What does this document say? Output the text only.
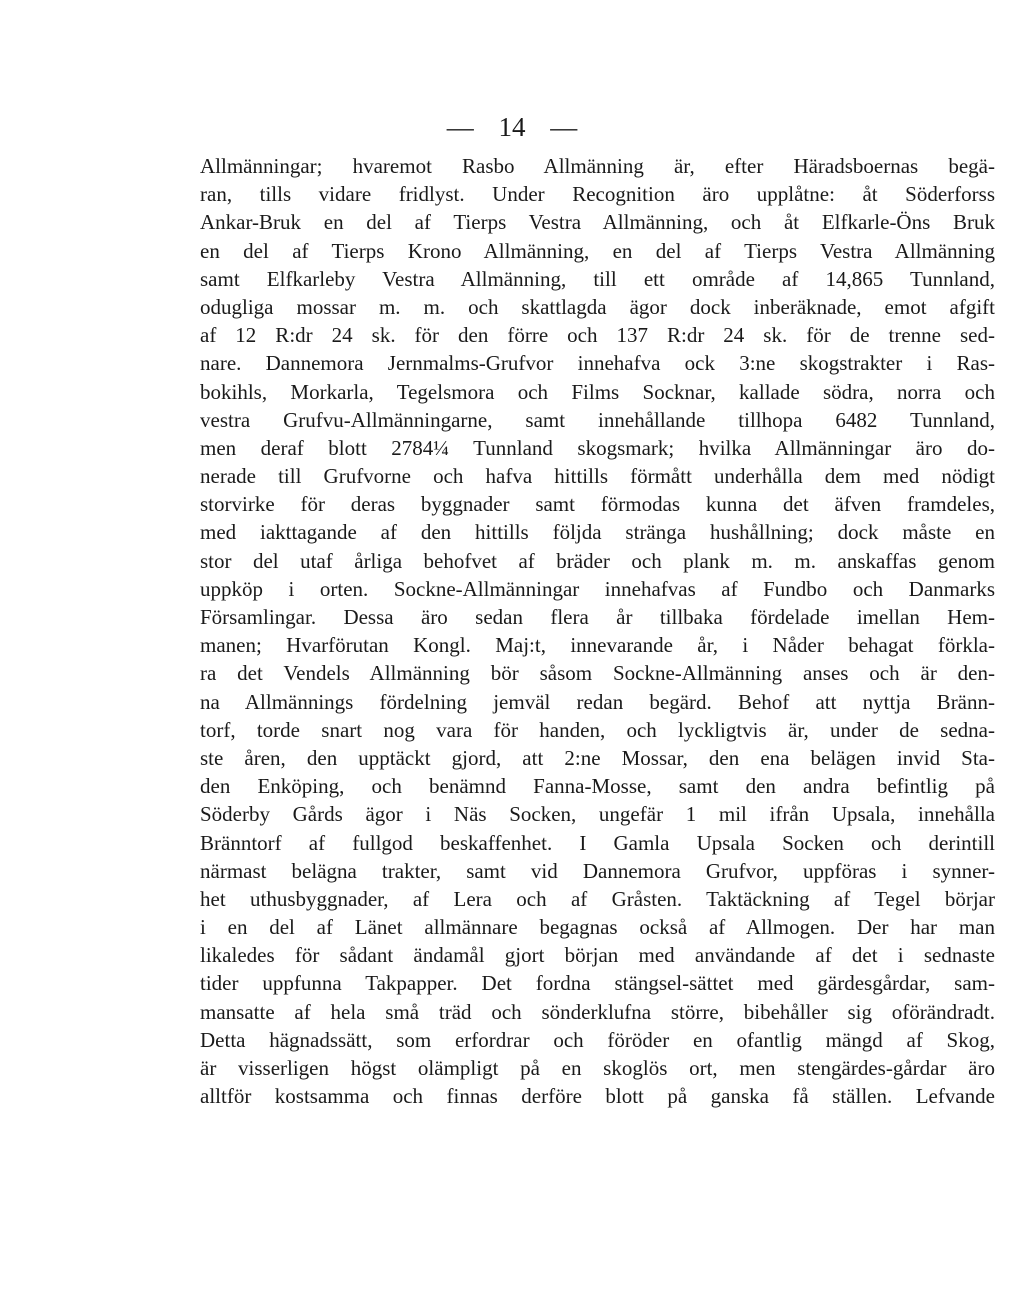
— 14 —
Allmänningar; hvaremot Rasbo Allmänning är, efter Häradsboernas begä-
ran, tills vidare fridlyst. Under Recognition äro upplåtne: åt Söderforss
Ankar-Bruk en del af Tierps Vestra Allmänning, och åt Elfkarle-Öns Bruk
en del af Tierps Krono Allmänning, en del af Tierps Vestra Allmänning
samt Elfkarleby Vestra Allmänning, till ett område af 14,865 Tunnland,
odugliga mossar m. m. och skattlagda ägor dock inberäknade, emot afgift
af 12 R:dr 24 sk. för den förre och 137 R:dr 24 sk. för de trenne sed-
nare. Dannemora Jernmalms-Grufvor innehafva ock 3:ne skogstrakter i Ras-
bokihls, Morkarla, Tegelsmora och Films Socknar, kallade södra, norra och
vestra Grufvu-Allmänningarne, samt innehållande tillhopa 6482 Tunnland,
men deraf blott 2784¼ Tunnland skogsmark; hvilka Allmänningar äro do-
nerade till Grufvorne och hafva hittills förmått underhålla dem med nödigt
storvirke för deras byggnader samt förmodas kunna det äfven framdeles,
med iakttagande af den hittills följda stränga hushållning; dock måste en
stor del utaf årliga behofvet af bräder och plank m. m. anskaffas genom
uppköp i orten. Sockne-Allmänningar innehafvas af Fundbo och Danmarks
Församlingar. Dessa äro sedan flera år tillbaka fördelade imellan Hem-
manen; Hvarförutan Kongl. Maj:t, innevarande år, i Nåder behagat förkla-
ra det Vendels Allmänning bör såsom Sockne-Allmänning anses och är den-
na Allmännings fördelning jemväl redan begärd. Behof att nyttja Bränn-
torf, torde snart nog vara för handen, och lyckligtvis är, under de sedna-
ste åren, den upptäckt gjord, att 2:ne Mossar, den ena belägen invid Sta-
den Enköping, och benämnd Fanna-Mosse, samt den andra befintlig på
Söderby Gårds ägor i Näs Socken, ungefär 1 mil ifrån Upsala, innehålla
Bränntorf af fullgod beskaffenhet. I Gamla Upsala Socken och derintill
närmast belägna trakter, samt vid Dannemora Grufvor, uppföras i synner-
het uthusbyggnader, af Lera och af Gråsten. Taktäckning af Tegel börjar
i en del af Länet allmännare begagnas också af Allmogen. Der har man
likaledes för sådant ändamål gjort början med användande af det i sednaste
tider uppfunna Takpapper. Det fordna stängsel-sättet med gärdesgårdar, sam-
mansatte af hela små träd och sönderklufna större, bibehåller sig oförändradt.
Detta hägnadssätt, som erfordrar och föröder en ofantlig mängd af Skog,
är visserligen högst olämpligt på en skoglös ort, men stengärdes-gårdar äro
alltför kostsamma och finnas derföre blott på ganska få ställen. Lefvande
